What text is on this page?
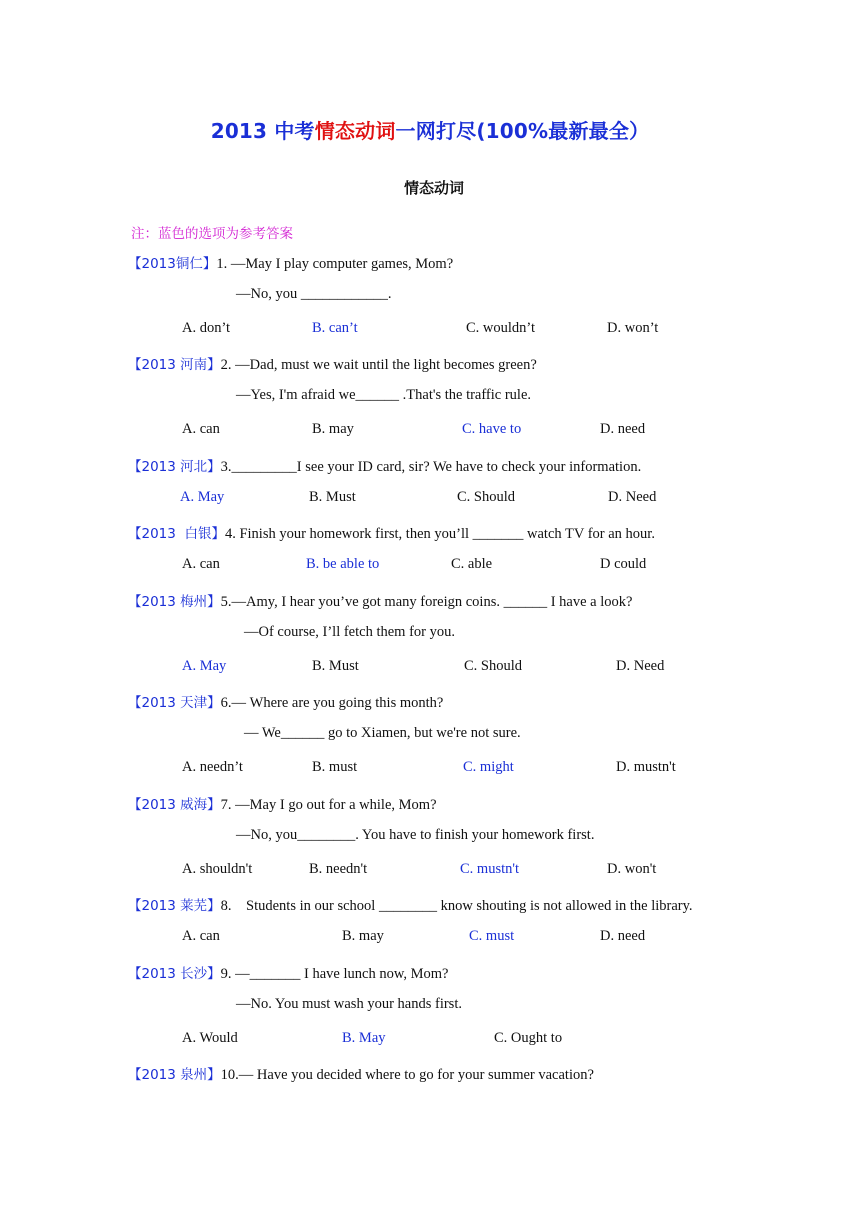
2013 中考情态动词一网打尽(100%最新最全）
情态动词
注：蓝色的选项为参考答案
【2013铜仁】1. —May I play computer games, Mom?
—No, you ____________.
A. don’t	B. can’t	C. wouldn’t	D. won’t
【2013 河南】2. —Dad, must we wait until the light becomes green?
—Yes, I'm afraid we______ .That's the traffic rule.
A. can	B. may	C. have to	D. need
【2013 河北】3._________I see your ID card, sir? We have to check your information.
A. May	B. Must	C. Should	D. Need
【2013  白银】4. Finish your homework first, then you’ll _______ watch TV for an hour.
A. can	B. be able to	C. able	D could
【2013 梅州】5.—Amy, I hear you’ve got many foreign coins. ______ I have a look?
—Of course, I’ll fetch them for you.
A. May	B. Must	C. Should	D. Need
【2013 天津】6.— Where are you going this month?
— We______ go to Xiamen, but we're not sure.
A. needn’t	B. must	C. might	D. mustn't
【2013 威海】7. —May I go out for a while, Mom?
—No, you________. You have to finish your homework first.
A. shouldn't	B. needn't	C. mustn't	D. won't
【2013 莱芜】8.    Students in our school ________ know shouting is not allowed in the library.
A. can	B. may	C. must	D. need
【2013 长沙】9. —_______ I have lunch now, Mom?
—No. You must wash your hands first.
A. Would	B. May	C. Ought to
【2013 泉州】10.— Have you decided where to go for your summer vacation?
